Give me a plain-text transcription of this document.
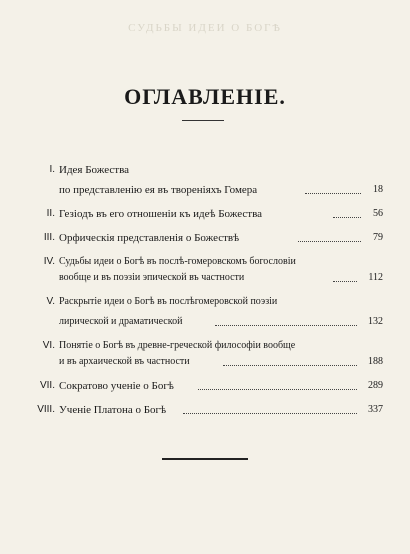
СУДЬБЫ ИДЕИ О БОГѢ
ОГЛАВЛЕНІЕ.
I. Идея Божества
по представленію ея въ твореніяхъ Гомера	18
II. Гезіодъ въ его отношеніи къ идеѣ Божества	56
III. Орфическія представленія о Божествѣ	79
IV. Судьбы идеи о Богѣ въ послѣ-гомеровскомъ богословіи
вообще и въ поэзіи эпической въ частности	112
V. Раскрытіе идеи о Богѣ въ послѣгомеровской поэзіи
лирической и драматической	132
VI. Понятіе о Богѣ въ древне-греческой философіи вообще
и въ архаической въ частности	188
VII. Сократово ученіе о Богѣ	289
VIII. Ученіе Платона о Богѣ	337
